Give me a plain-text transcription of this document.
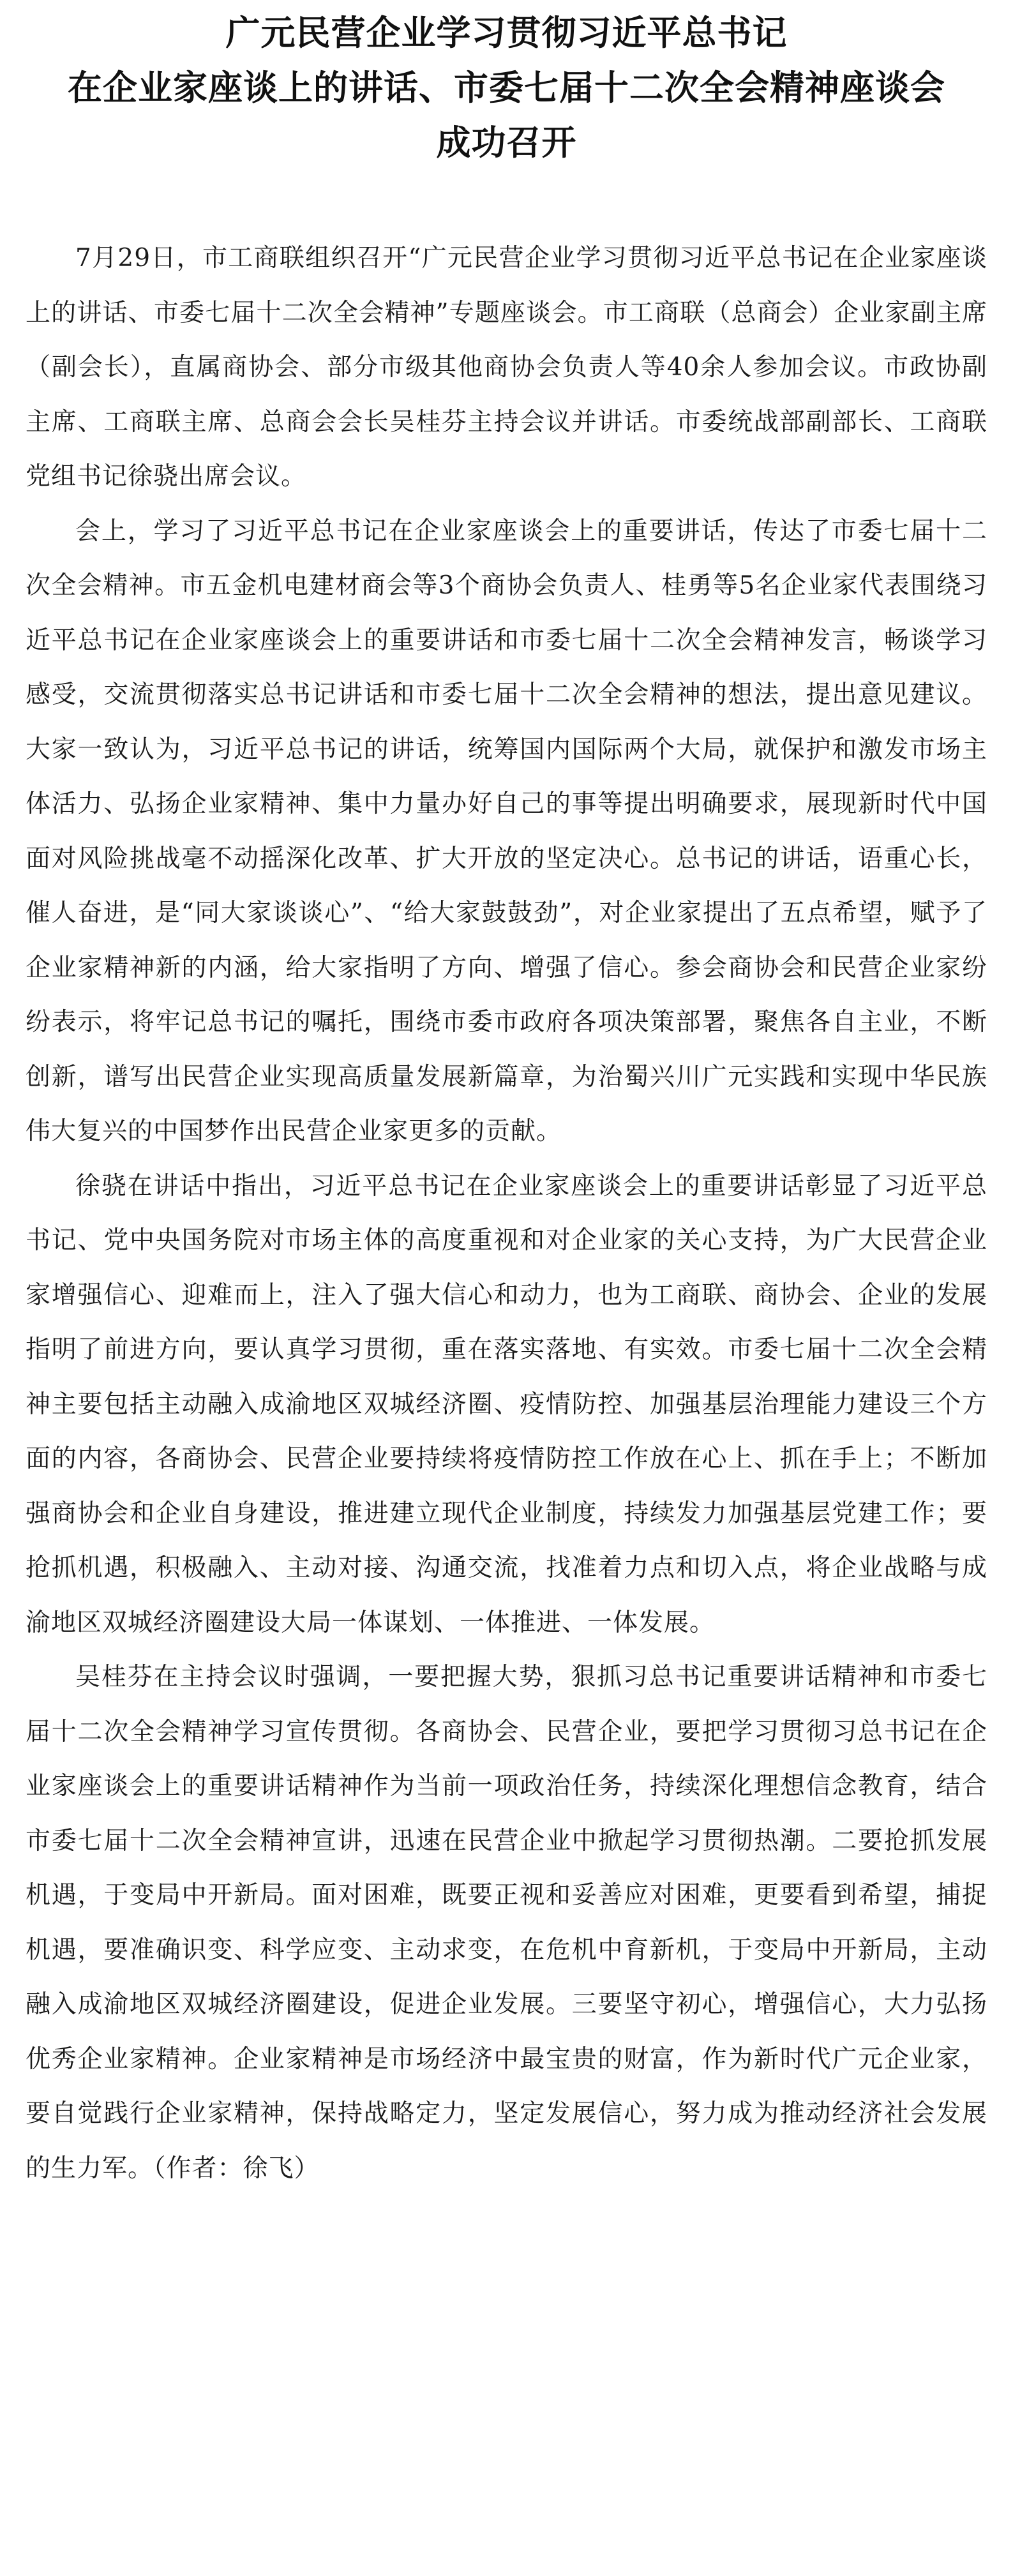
广元民营企业学习贯彻习近平总书记
在企业家座谈上的讲话、市委七届十二次全会精神座谈会
成功召开

7月29日，市工商联组织召开“广元民营企业学习贯彻习近平总书记在企业家座谈上的讲话、市委七届十二次全会精神”专题座谈会。市工商联（总商会）企业家副主席（副会长），直属商协会、部分市级其他商协会负责人等40余人参加会议。市政协副主席、工商联主席、总商会会长吴桂芬主持会议并讲话。市委统战部副部长、工商联党组书记徐骁出席会议。

会上，学习了习近平总书记在企业家座谈会上的重要讲话，传达了市委七届十二次全会精神。市五金机电建材商会等3个商协会负责人、桂勇等5名企业家代表围绕习近平总书记在企业家座谈会上的重要讲话和市委七届十二次全会精神发言，畅谈学习感受，交流贯彻落实总书记讲话和市委七届十二次全会精神的想法，提出意见建议。大家一致认为，习近平总书记的讲话，统筹国内国际两个大局，就保护和激发市场主体活力、弘扬企业家精神、集中力量办好自己的事等提出明确要求，展现新时代中国面对风险挑战毫不动摇深化改革、扩大开放的坚定决心。总书记的讲话，语重心长，催人奋进，是“同大家谈谈心”、“给大家鼓鼓劲”，对企业家提出了五点希望，赋予了企业家精神新的内涵，给大家指明了方向、增强了信心。参会商协会和民营企业家纷纷表示，将牢记总书记的嘱托，围绕市委市政府各项决策部署，聚焦各自主业，不断创新，谱写出民营企业实现高质量发展新篇章，为治蜀兴川广元实践和实现中华民族伟大复兴的中国梦作出民营企业家更多的贡献。

徐骁在讲话中指出，习近平总书记在企业家座谈会上的重要讲话彰显了习近平总书记、党中央国务院对市场主体的高度重视和对企业家的关心支持，为广大民营企业家增强信心、迎难而上，注入了强大信心和动力，也为工商联、商协会、企业的发展指明了前进方向，要认真学习贯彻，重在落实落地、有实效。市委七届十二次全会精神主要包括主动融入成渝地区双城经济圈、疫情防控、加强基层治理能力建设三个方面的内容，各商协会、民营企业要持续将疫情防控工作放在心上、抓在手上；不断加强商协会和企业自身建设，推进建立现代企业制度，持续发力加强基层党建工作；要抢抓机遇，积极融入、主动对接、沟通交流，找准着力点和切入点，将企业战略与成渝地区双城经济圈建设大局一体谋划、一体推进、一体发展。

吴桂芬在主持会议时强调，一要把握大势，狠抓习总书记重要讲话精神和市委七届十二次全会精神学习宣传贯彻。各商协会、民营企业，要把学习贯彻习总书记在企业家座谈会上的重要讲话精神作为当前一项政治任务，持续深化理想信念教育，结合市委七届十二次全会精神宣讲，迅速在民营企业中掀起学习贯彻热潮。二要抢抓发展机遇，于变局中开新局。面对困难，既要正视和妥善应对困难，更要看到希望，捕捉机遇，要准确识变、科学应变、主动求变，在危机中育新机，于变局中开新局，主动融入成渝地区双城经济圈建设，促进企业发展。三要坚守初心，增强信心，大力弘扬优秀企业家精神。企业家精神是市场经济中最宝贵的财富，作为新时代广元企业家，要自觉践行企业家精神，保持战略定力，坚定发展信心，努力成为推动经济社会发展的生力军。（作者：徐飞）
